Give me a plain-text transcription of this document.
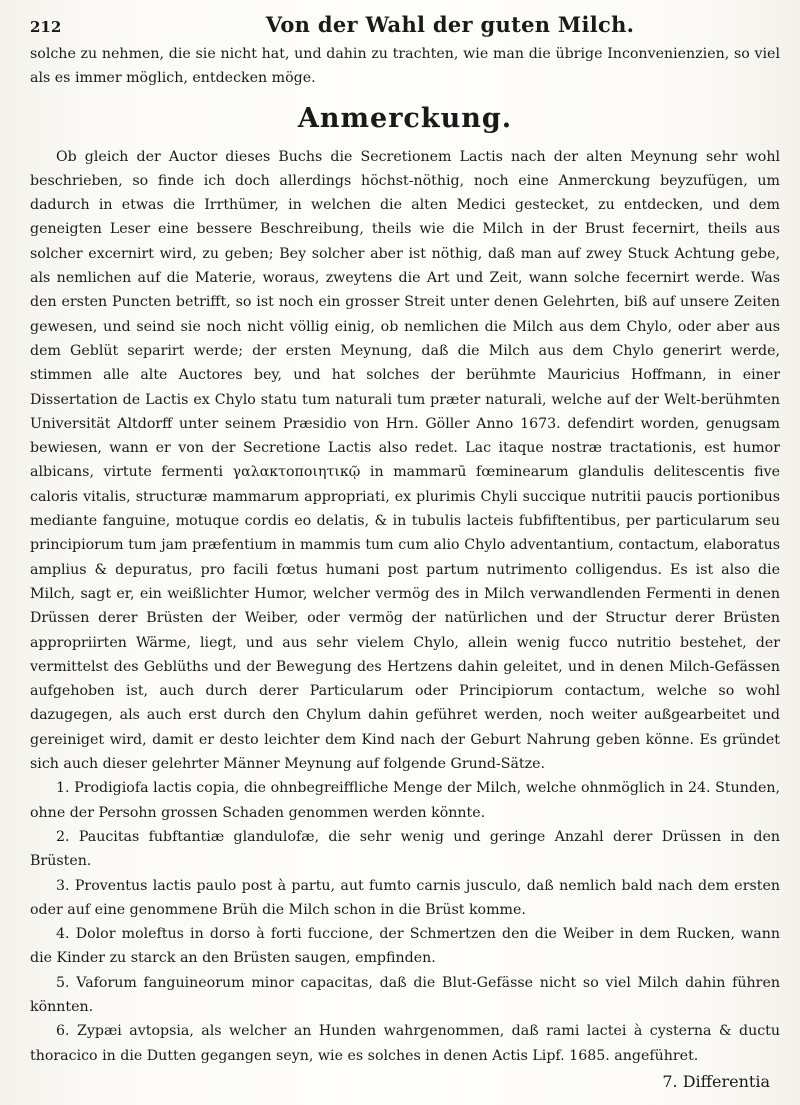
212	Von der Wahl der guten Milch.

solche zu nehmen, die sie nicht hat, und dahin zu trachten, wie man die übrige Inconvenienzien, so viel als es immer möglich, entdecken möge.

Anmerckung.

Ob gleich der Auctor dieses Buchs die Secretionem Lactis nach der alten Meynung sehr wohl beschrieben, so finde ich doch allerdings höchst-nöthig, noch eine Anmerckung beyzufügen, um dadurch in etwas die Irrthümer, in welchen die alten Medici gestecket, zu entdecken, und dem geneigten Leser eine bessere Beschreibung, theils wie die Milch in der Brust fecernirt, theils aus solcher excernirt wird, zu geben; Bey solcher aber ist nöthig, daß man auf zwey Stuck Achtung gebe, als nemlichen auf die Materie, woraus, zweytens die Art und Zeit, wann solche fecernirt werde. Was den ersten Puncten betrifft, so ist noch ein grosser Streit unter denen Gelehrten, biß auf unsere Zeiten gewesen, und seind sie noch nicht völlig einig, ob nemlichen die Milch aus dem Chylo, oder aber aus dem Geblüt separirt werde; der ersten Meynung, daß die Milch aus dem Chylo generirt werde, stimmen alle alte Auctores bey, und hat solches der berühmte Mauricius Hoffmann, in einer Dissertation de Lactis ex Chylo statu tum naturali tum præter naturali, welche auf der Welt-berühmten Universität Altdorff unter seinem Præsidio von Hrn. Göller Anno 1673. defendirt worden, genugsam bewiesen, wann er von der Secretione Lactis also redet. Lac itaque nostræ tractationis, est humor albicans, virtute fermenti γαλακτοποιητικῷ in mammarū fœminearum glandulis delitescentis five caloris vitalis, structuræ mammarum appropriati, ex plurimis Chyli succique nutritii paucis portionibus mediante fanguine, motuque cordis eo delatis, & in tubulis lacteis fubfiftentibus, per particularum seu principiorum tum jam præfentium in mammis tum cum alio Chylo adventantium, contactum, elaboratus amplius & depuratus, pro facili fœtus humani post partum nutrimento colligendus. Es ist also die Milch, sagt er, ein weißlichter Humor, welcher vermög des in Milch verwandlenden Fermenti in denen Drüssen derer Brüsten der Weiber, oder vermög der natürlichen und der Structur derer Brüsten appropriirten Wärme, liegt, und aus sehr vielem Chylo, allein wenig fucco nutritio bestehet, der vermittelst des Geblüths und der Bewegung des Hertzens dahin geleitet, und in denen Milch-Gefässen aufgehoben ist, auch durch derer Particularum oder Principiorum contactum, welche so wohl dazugegen, als auch erst durch den Chylum dahin geführet werden, noch weiter außgearbeitet und gereiniget wird, damit er desto leichter dem Kind nach der Geburt Nahrung geben könne. Es gründet sich auch dieser gelehrter Männer Meynung auf folgende Grund-Sätze.

1. Prodigiofa lactis copia, die ohnbegreiffliche Menge der Milch, welche ohnmöglich in 24. Stunden, ohne der Persohn grossen Schaden genommen werden könnte.
2. Paucitas fubftantiæ glandulofæ, die sehr wenig und geringe Anzahl derer Drüssen in den Brüsten.
3. Proventus lactis paulo post à partu, aut fumto carnis jusculo, daß nemlich bald nach dem ersten oder auf eine genommene Brüh die Milch schon in die Brüst komme.
4. Dolor moleftus in dorso à forti fuccione, der Schmertzen den die Weiber in dem Rucken, wann die Kinder zu starck an den Brüsten saugen, empfinden.
5. Vaforum fanguineorum minor capacitas, daß die Blut-Gefässe nicht so viel Milch dahin führen könnten.
6. Zypæi avtopsia, als welcher an Hunden wahrgenommen, daß rami lactei à cysterna & ductu thoracico in die Dutten gegangen seyn, wie es solches in denen Actis Lipf. 1685. angeführet.
7. Differentia
